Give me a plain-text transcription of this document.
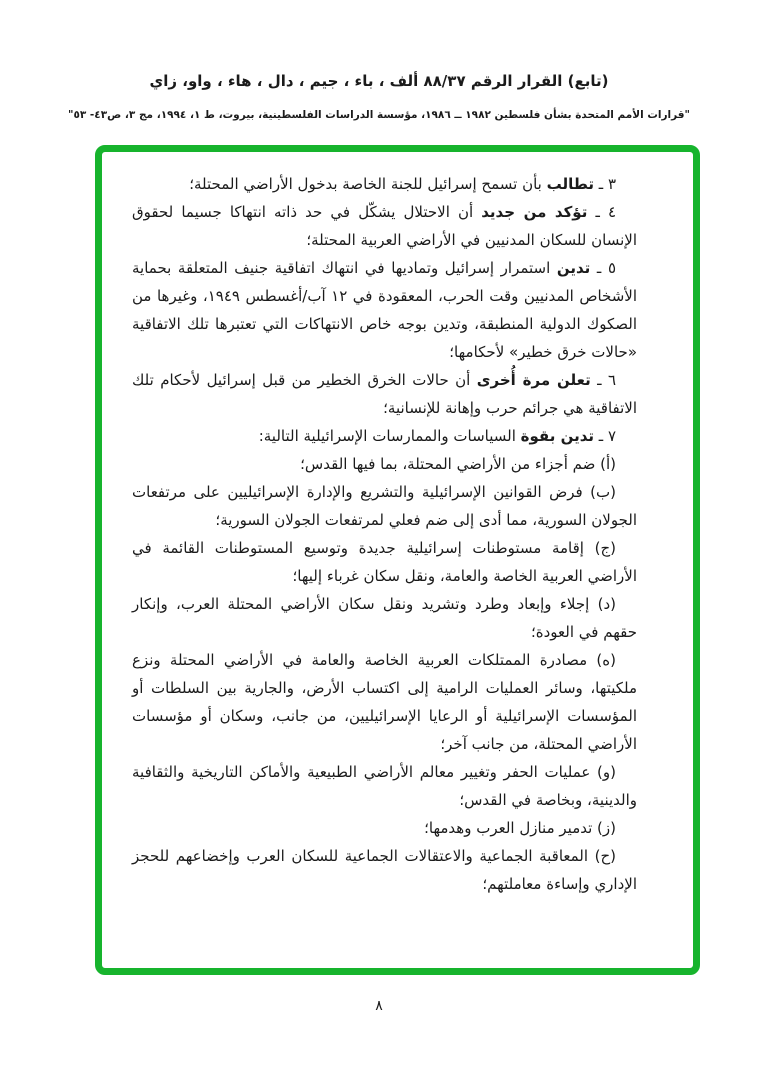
(تابع) القرار الرقم ٨٨/٣٧ ألف ، باء ، جيم ، دال ، هاء ، واو، زاي
"قرارات الأمم المتحدة بشأن فلسطين ١٩٨٢ ــ ١٩٨٦، مؤسسة الدراسات الفلسطينية، بيروت، ط ١، ١٩٩٤، مج ٣، ص٤٣- ٥٣"

٣ ـ تطالب بأن تسمح إسرائيل للجنة الخاصة بدخول الأراضي المحتلة؛

٤ ـ تؤكد من جديد أن الاحتلال يشكّل في حد ذاته انتهاكا جسيما لحقوق الإنسان للسكان المدنيين في الأراضي العربية المحتلة؛

٥ ـ تدين استمرار إسرائيل وتماديها في انتهاك اتفاقية جنيف المتعلقة بحماية الأشخاص المدنيين وقت الحرب، المعقودة في ١٢ آب/أغسطس ١٩٤٩، وغيرها من الصكوك الدولية المنطبقة، وتدين بوجه خاص الانتهاكات التي تعتبرها تلك الاتفاقية «حالات خرق خطير» لأحكامها؛

٦ ـ تعلن مرة أُخرى أن حالات الخرق الخطير من قبل إسرائيل لأحكام تلك الاتفاقية هي جرائم حرب وإهانة للإنسانية؛

٧ ـ تدين بقوة السياسات والممارسات الإسرائيلية التالية:

(أ) ضم أجزاء من الأراضي المحتلة، بما فيها القدس؛

(ب) فرض القوانين الإسرائيلية والتشريع والإدارة الإسرائيليين على مرتفعات الجولان السورية، مما أدى إلى ضم فعلي لمرتفعات الجولان السورية؛

(ج) إقامة مستوطنات إسرائيلية جديدة وتوسيع المستوطنات القائمة في الأراضي العربية الخاصة والعامة، ونقل سكان غرباء إليها؛

(د) إجلاء وإبعاد وطرد وتشريد ونقل سكان الأراضي المحتلة العرب، وإنكار حقهم في العودة؛

(ه) مصادرة الممتلكات العربية الخاصة والعامة في الأراضي المحتلة ونزع ملكيتها، وسائر العمليات الرامية إلى اكتساب الأرض، والجارية بين السلطات أو المؤسسات الإسرائيلية أو الرعايا الإسرائيليين، من جانب، وسكان أو مؤسسات الأراضي المحتلة، من جانب آخر؛

(و) عمليات الحفر وتغيير معالم الأراضي الطبيعية والأماكن التاريخية والثقافية والدينية، وبخاصة في القدس؛

(ز) تدمير منازل العرب وهدمها؛

(ح) المعاقبة الجماعية والاعتقالات الجماعية للسكان العرب وإخضاعهم للحجز الإداري وإساءة معاملتهم؛

٨
